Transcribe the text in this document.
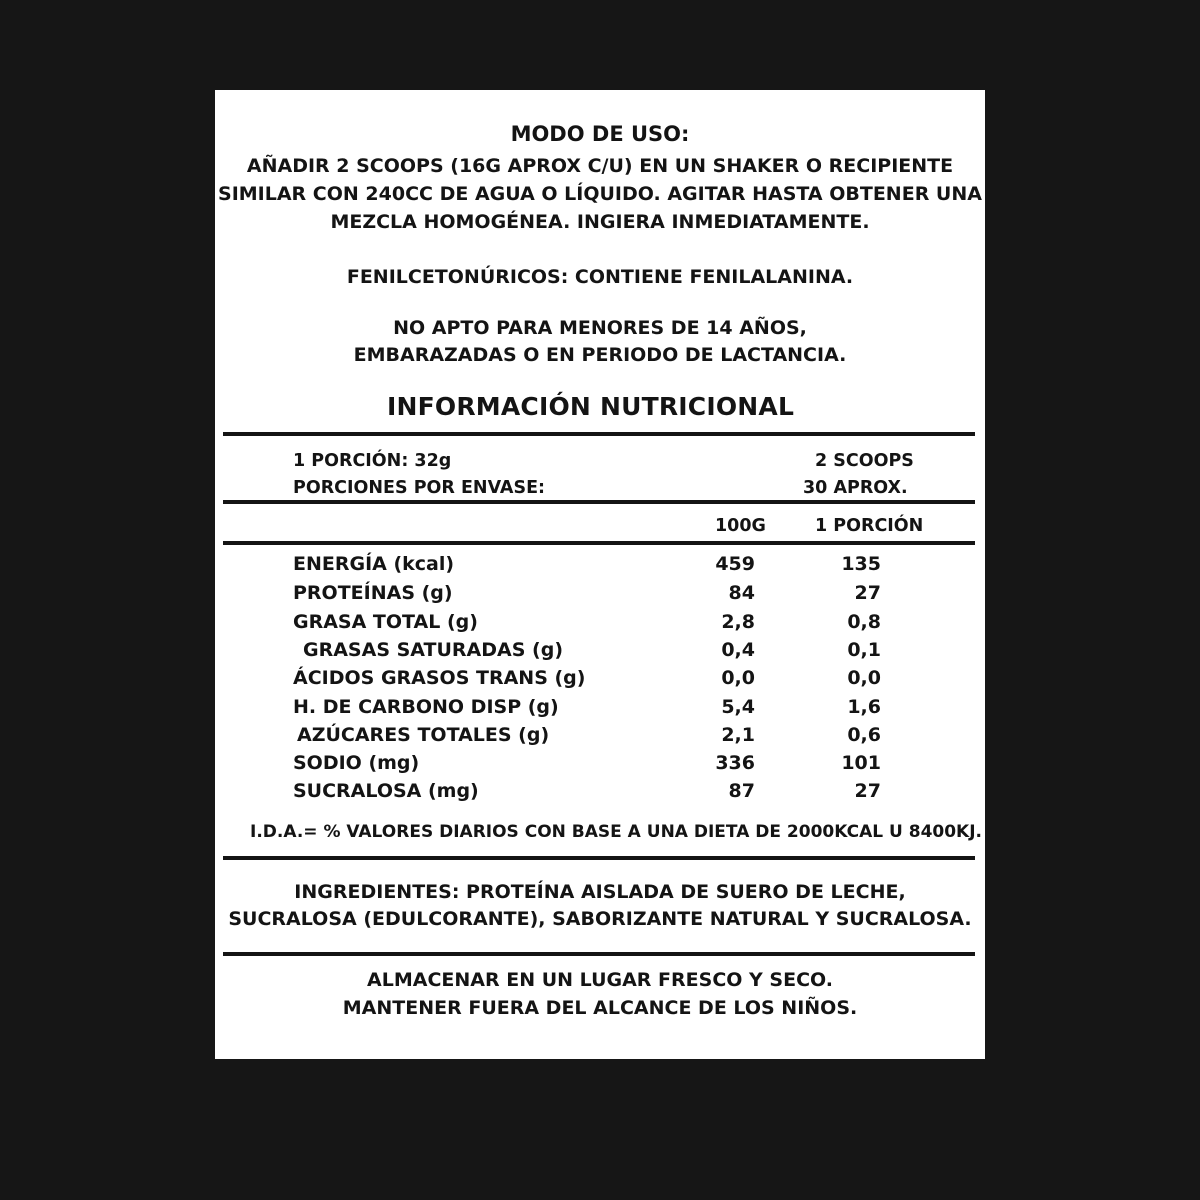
MODO DE USO:
AÑADIR 2 SCOOPS (16G APROX C/U) EN UN SHAKER O RECIPIENTE
SIMILAR CON 240CC DE AGUA O LÍQUIDO. AGITAR HASTA OBTENER UNA
MEZCLA HOMOGÉNEA. INGIERA INMEDIATAMENTE.
FENILCETONÚRICOS: CONTIENE FENILALANINA.
NO APTO PARA MENORES DE 14 AÑOS,
EMBARAZADAS O EN PERIODO DE LACTANCIA.
INFORMACIÓN NUTRICIONAL
1 PORCIÓN: 32g	2 SCOOPS
PORCIONES POR ENVASE:	30 APROX.
100G	1 PORCIÓN
ENERGÍA (kcal)	459	135
PROTEÍNAS (g)	84	27
GRASA TOTAL (g)	2,8	0,8
GRASAS SATURADAS (g)	0,4	0,1
ÁCIDOS GRASOS TRANS (g)	0,0	0,0
H. DE CARBONO DISP (g)	5,4	1,6
AZÚCARES TOTALES (g)	2,1	0,6
SODIO (mg)	336	101
SUCRALOSA (mg)	87	27
I.D.A.= % VALORES DIARIOS CON BASE A UNA DIETA DE 2000KCAL U 8400KJ.
INGREDIENTES: PROTEÍNA AISLADA DE SUERO DE LECHE,
SUCRALOSA (EDULCORANTE), SABORIZANTE NATURAL Y SUCRALOSA.
ALMACENAR EN UN LUGAR FRESCO Y SECO.
MANTENER FUERA DEL ALCANCE DE LOS NIÑOS.
